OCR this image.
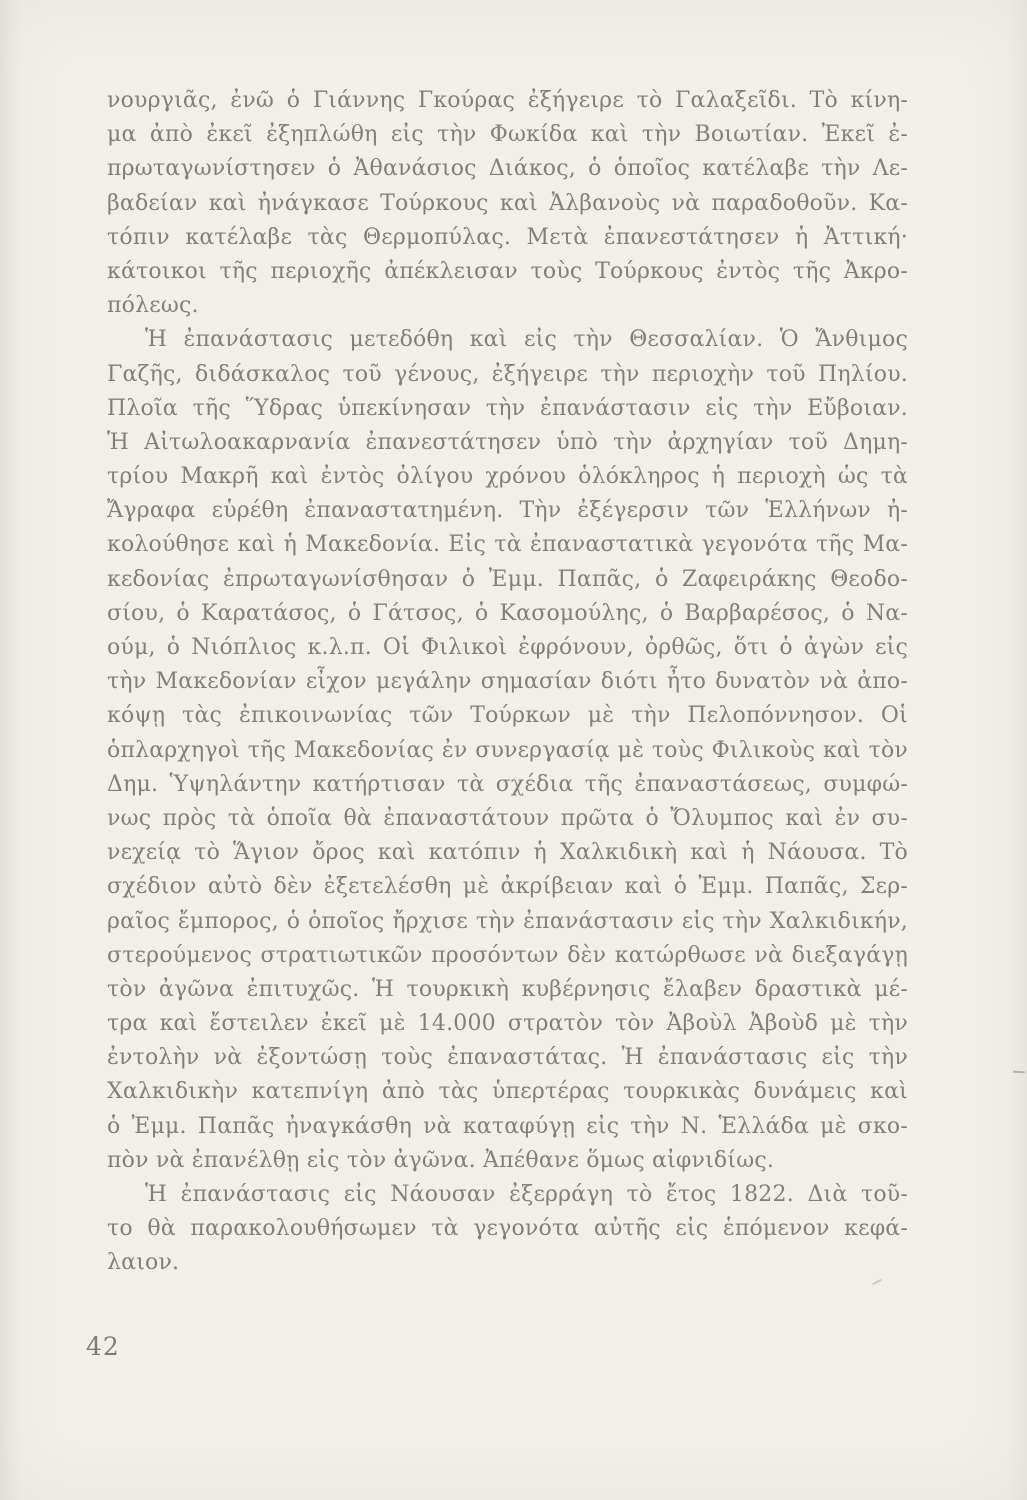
νουργιᾶς, ἐνῶ ὁ Γιάννης Γκούρας ἐξήγειρε τὸ Γαλαξεῖδι. Τὸ κίνη-
μα ἀπὸ ἐκεῖ ἐξηπλώθη εἰς τὴν Φωκίδα καὶ τὴν Βοιωτίαν. Ἐκεῖ ἐ-
πρωταγωνίστησεν ὁ Ἀθανάσιος Διάκος, ὁ ὁποῖος κατέλαβε τὴν Λε-
βαδείαν καὶ ἠνάγκασε Τούρκους καὶ Ἀλβανοὺς νὰ παραδοθοῦν. Κα-
τόπιν κατέλαβε τὰς Θερμοπύλας. Μετὰ ἐπανεστάτησεν ἡ Ἀττική·
κάτοικοι τῆς περιοχῆς ἀπέκλεισαν τοὺς Τούρκους ἐντὸς τῆς Ἀκρο-
πόλεως.
Ἡ ἐπανάστασις μετεδόθη καὶ εἰς τὴν Θεσσαλίαν. Ὁ Ἄνθιμος
Γαζῆς, διδάσκαλος τοῦ γένους, ἐξήγειρε τὴν περιοχὴν τοῦ Πηλίου.
Πλοῖα τῆς Ὕδρας ὑπεκίνησαν τὴν ἐπανάστασιν εἰς τὴν Εὔβοιαν.
Ἡ Αἰτωλοακαρνανία ἐπανεστάτησεν ὑπὸ τὴν ἀρχηγίαν τοῦ Δημη-
τρίου Μακρῆ καὶ ἐντὸς ὀλίγου χρόνου ὁλόκληρος ἡ περιοχὴ ὡς τὰ
Ἄγραφα εὑρέθη ἐπαναστατημένη. Τὴν ἐξέγερσιν τῶν Ἑλλήνων ἠ-
κολούθησε καὶ ἡ Μακεδονία. Εἰς τὰ ἐπαναστατικὰ γεγονότα τῆς Μα-
κεδονίας ἐπρωταγωνίσθησαν ὁ Ἐμμ. Παπᾶς, ὁ Ζαφειράκης Θεοδο-
σίου, ὁ Καρατάσος, ὁ Γάτσος, ὁ Κασομούλης, ὁ Βαρβαρέσος, ὁ Να-
ούμ, ὁ Νιόπλιος κ.λ.π. Οἱ Φιλικοὶ ἐφρόνουν, ὀρθῶς, ὅτι ὁ ἀγὼν εἰς
τὴν Μακεδονίαν εἶχον μεγάλην σημασίαν διότι ἦτο δυνατὸν νὰ ἀπο-
κόψῃ τὰς ἐπικοινωνίας τῶν Τούρκων μὲ τὴν Πελοπόννησον. Οἱ
ὁπλαρχηγοὶ τῆς Μακεδονίας ἐν συνεργασίᾳ μὲ τοὺς Φιλικοὺς καὶ τὸν
Δημ. Ὑψηλάντην κατήρτισαν τὰ σχέδια τῆς ἐπαναστάσεως, συμφώ-
νως πρὸς τὰ ὁποῖα θὰ ἐπαναστάτουν πρῶτα ὁ Ὄλυμπος καὶ ἐν συ-
νεχείᾳ τὸ Ἅγιον ὄρος καὶ κατόπιν ἡ Χαλκιδικὴ καὶ ἡ Νάουσα. Τὸ
σχέδιον αὐτὸ δὲν ἐξετελέσθη μὲ ἀκρίβειαν καὶ ὁ Ἐμμ. Παπᾶς, Σερ-
ραῖος ἔμπορος, ὁ ὁποῖος ἤρχισε τὴν ἐπανάστασιν εἰς τὴν Χαλκιδικήν,
στερούμενος στρατιωτικῶν προσόντων δὲν κατώρθωσε νὰ διεξαγάγῃ
τὸν ἀγῶνα ἐπιτυχῶς. Ἡ τουρκικὴ κυβέρνησις ἔλαβεν δραστικὰ μέ-
τρα καὶ ἔστειλεν ἐκεῖ μὲ 14.000 στρατὸν τὸν Ἀβοὺλ Ἀβοὺδ μὲ τὴν
ἐντολὴν νὰ ἐξοντώσῃ τοὺς ἐπαναστάτας. Ἡ ἐπανάστασις εἰς τὴν
Χαλκιδικὴν κατεπνίγη ἀπὸ τὰς ὑπερτέρας τουρκικὰς δυνάμεις καὶ
ὁ Ἐμμ. Παπᾶς ἠναγκάσθη νὰ καταφύγῃ εἰς τὴν Ν. Ἑλλάδα μὲ σκο-
πὸν νὰ ἐπανέλθῃ εἰς τὸν ἀγῶνα. Ἀπέθανε ὅμως αἰφνιδίως.
Ἡ ἐπανάστασις εἰς Νάουσαν ἐξερράγη τὸ ἔτος 1822. Διὰ τοῦ-
το θὰ παρακολουθήσωμεν τὰ γεγονότα αὐτῆς εἰς ἑπόμενον κεφά-
λαιον.
42
